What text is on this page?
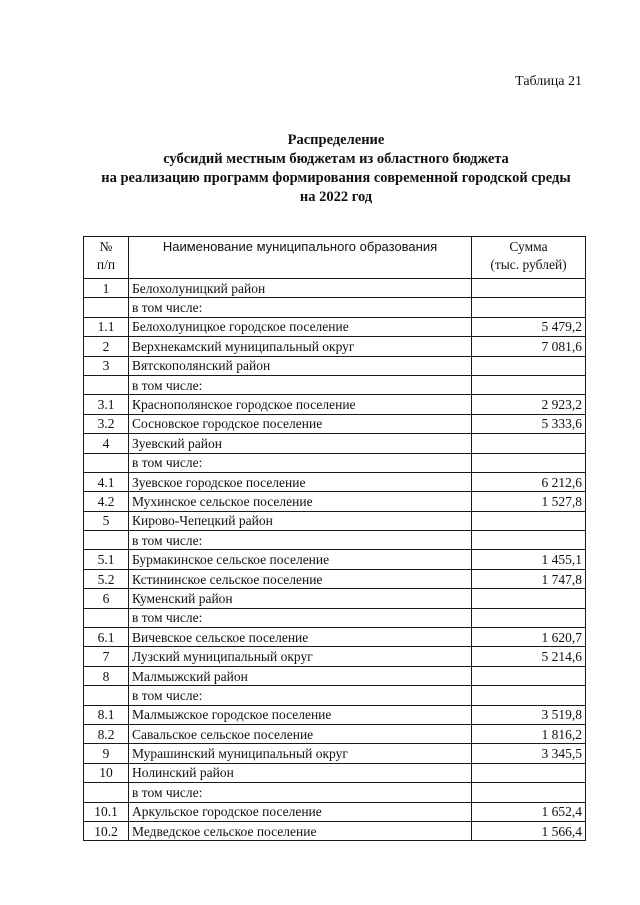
Таблица 21
Распределение
субсидий местным бюджетам из областного бюджета
на реализацию программ формирования современной городской среды
на 2022 год
№
п/п	Наименование муниципального образования	Сумма
(тыс. рублей)
1	Белохолуницкий район	
	в том числе:	
1.1	Белохолуницкое городское поселение	5 479,2
2	Верхнекамский муниципальный округ	7 081,6
3	Вятскополянский район	
	в том числе:	
3.1	Краснополянское городское поселение	2 923,2
3.2	Сосновское городское поселение	5 333,6
4	Зуевский район	
	в том числе:	
4.1	Зуевское городское поселение	6 212,6
4.2	Мухинское сельское поселение	1 527,8
5	Кирово-Чепецкий район	
	в том числе:	
5.1	Бурмакинское сельское поселение	1 455,1
5.2	Кстининское сельское поселение	1 747,8
6	Куменский район	
	в том числе:	
6.1	Вичевское сельское поселение	1 620,7
7	Лузский муниципальный округ	5 214,6
8	Малмыжский район	
	в том числе:	
8.1	Малмыжское городское поселение	3 519,8
8.2	Савальское сельское поселение	1 816,2
9	Мурашинский муниципальный округ	3 345,5
10	Нолинский район	
	в том числе:	
10.1	Аркульское городское поселение	1 652,4
10.2	Медведское сельское поселение	1 566,4
